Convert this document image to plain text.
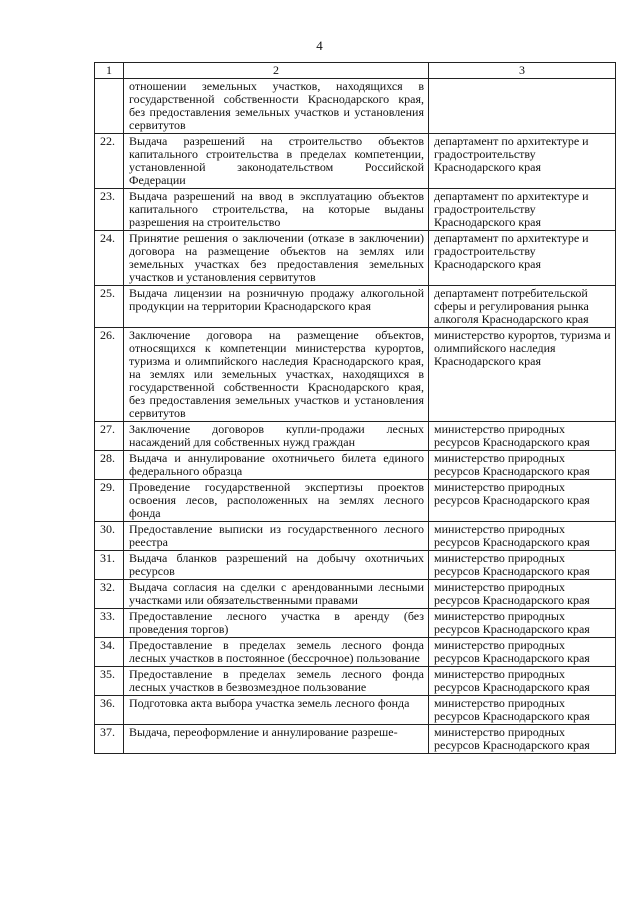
4
1	2	3
	отношении земельных участков, находящихся в государственной собственности Краснодарского края, без предоставления земельных участков и установления сервитутов	
22.	Выдача разрешений на строительство объектов капитального строительства в пределах компетенции, установленной законодательством Российской Федерации	департамент по архитектуре и градостроительству Краснодарского края
23.	Выдача разрешений на ввод в эксплуатацию объектов капитального строительства, на которые выданы разрешения на строительство	департамент по архитектуре и градостроительству Краснодарского края
24.	Принятие решения о заключении (отказе в заключении) договора на размещение объектов на землях или земельных участках без предоставления земельных участков и установления сервитутов	департамент по архитектуре и градостроительству Краснодарского края
25.	Выдача лицензии на розничную продажу алкогольной продукции на территории Краснодарского края	департамент потребительской сферы и регулирования рынка алкоголя Краснодарского края
26.	Заключение договора на размещение объектов, относящихся к компетенции министерства курортов, туризма и олимпийского наследия Краснодарского края, на землях или земельных участках, находящихся в государственной собственности Краснодарского края, без предоставления земельных участков и установления сервитутов	министерство курортов, туризма и олимпийского наследия Краснодарского края
27.	Заключение договоров купли-продажи лесных насаждений для собственных нужд граждан	министерство природных ресурсов Краснодарского края
28.	Выдача и аннулирование охотничьего билета единого федерального образца	министерство природных ресурсов Краснодарского края
29.	Проведение государственной экспертизы проектов освоения лесов, расположенных на землях лесного фонда	министерство природных ресурсов Краснодарского края
30.	Предоставление выписки из государственного лесного реестра	министерство природных ресурсов Краснодарского края
31.	Выдача бланков разрешений на добычу охотничьих ресурсов	министерство природных ресурсов Краснодарского края
32.	Выдача согласия на сделки с арендованными лесными участками или обязательственными правами	министерство природных ресурсов Краснодарского края
33.	Предоставление лесного участка в аренду (без проведения торгов)	министерство природных ресурсов Краснодарского края
34.	Предоставление в пределах земель лесного фонда лесных участков в постоянное (бессрочное) пользование	министерство природных ресурсов Краснодарского края
35.	Предоставление в пределах земель лесного фонда лесных участков в безвозмездное пользование	министерство природных ресурсов Краснодарского края
36.	Подготовка акта выбора участка земель лесного фонда	министерство природных ресурсов Краснодарского края
37.	Выдача, переоформление и аннулирование разреше-	министерство природных ресурсов Краснодарского края
